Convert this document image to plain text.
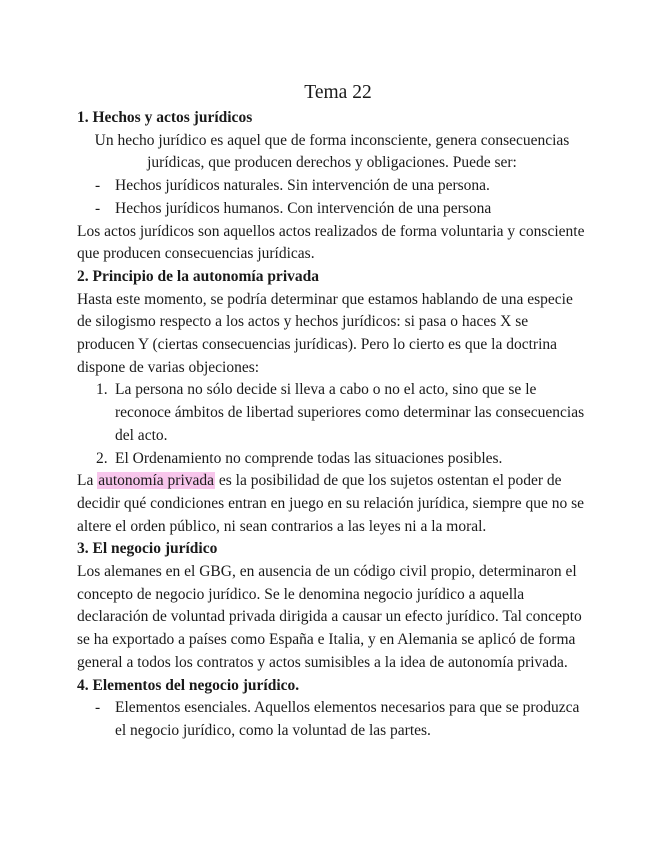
Tema 22
1. Hechos y actos jurídicos

Un hecho jurídico es aquel que de forma inconsciente, genera consecuencias jurídicas, que producen derechos y obligaciones. Puede ser:

- Hechos jurídicos naturales. Sin intervención de una persona.
- Hechos jurídicos humanos. Con intervención de una persona

Los actos jurídicos son aquellos actos realizados de forma voluntaria y consciente que producen consecuencias jurídicas.

2. Principio de la autonomía privada

Hasta este momento, se podría determinar que estamos hablando de una especie de silogismo respecto a los actos y hechos jurídicos: si pasa o haces X se producen Y (ciertas consecuencias jurídicas). Pero lo cierto es que la doctrina dispone de varias objeciones:

1. La persona no sólo decide si lleva a cabo o no el acto, sino que se le reconoce ámbitos de libertad superiores como determinar las consecuencias del acto.
2. El Ordenamiento no comprende todas las situaciones posibles.

La autonomía privada es la posibilidad de que los sujetos ostentan el poder de decidir qué condiciones entran en juego en su relación jurídica, siempre que no se altere el orden público, ni sean contrarios a las leyes ni a la moral.

3. El negocio jurídico

Los alemanes en el GBG, en ausencia de un código civil propio, determinaron el concepto de negocio jurídico. Se le denomina negocio jurídico a aquella declaración de voluntad privada dirigida a causar un efecto jurídico. Tal concepto se ha exportado a países como España e Italia, y en Alemania se aplicó de forma general a todos los contratos y actos sumisibles a la idea de autonomía privada.

4. Elementos del negocio jurídico.
- Elementos esenciales. Aquellos elementos necesarios para que se produzca el negocio jurídico, como la voluntad de las partes.
